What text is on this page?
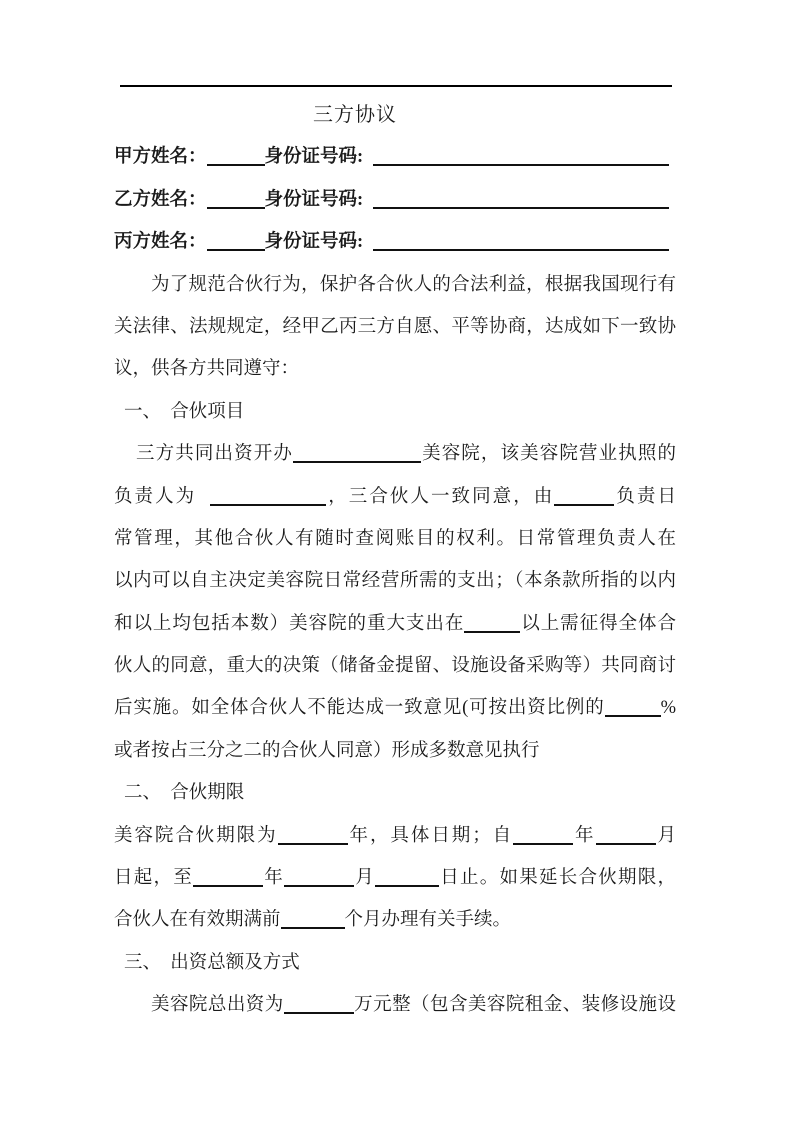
三方协议
甲方姓名：	身份证号码:
乙方姓名：	身份证号码:
丙方姓名：	身份证号码:
为了规范合伙行为，保护各合伙人的合法利益，根据我国现行有
关法律、法规规定，经甲乙丙三方自愿、平等协商，达成如下一致协
议，供各方共同遵守：
一、　合伙项目
三方共同出资开办	美容院，该美容院营业执照的
负责人为	，三合伙人一致同意，由	负责日
常管理，其他合伙人有随时查阅账目的权利。日常管理负责人在
以内可以自主决定美容院日常经营所需的支出；（本条款所指的以内
和以上均包括本数）美容院的重大支出在	以上需征得全体合
伙人的同意，重大的决策（储备金提留、设施设备采购等）共同商讨
后实施。如全体合伙人不能达成一致意见(可按出资比例的	%
或者按占三分之二的合伙人同意）形成多数意见执行
二、　合伙期限
美容院合伙期限为	年，具体日期；自	年	月
日起，至	年	月	日止。如果延长合伙期限，
合伙人在有效期满前	个月办理有关手续。
三、　出资总额及方式
美容院总出资为	万元整（包含美容院租金、装修设施设
